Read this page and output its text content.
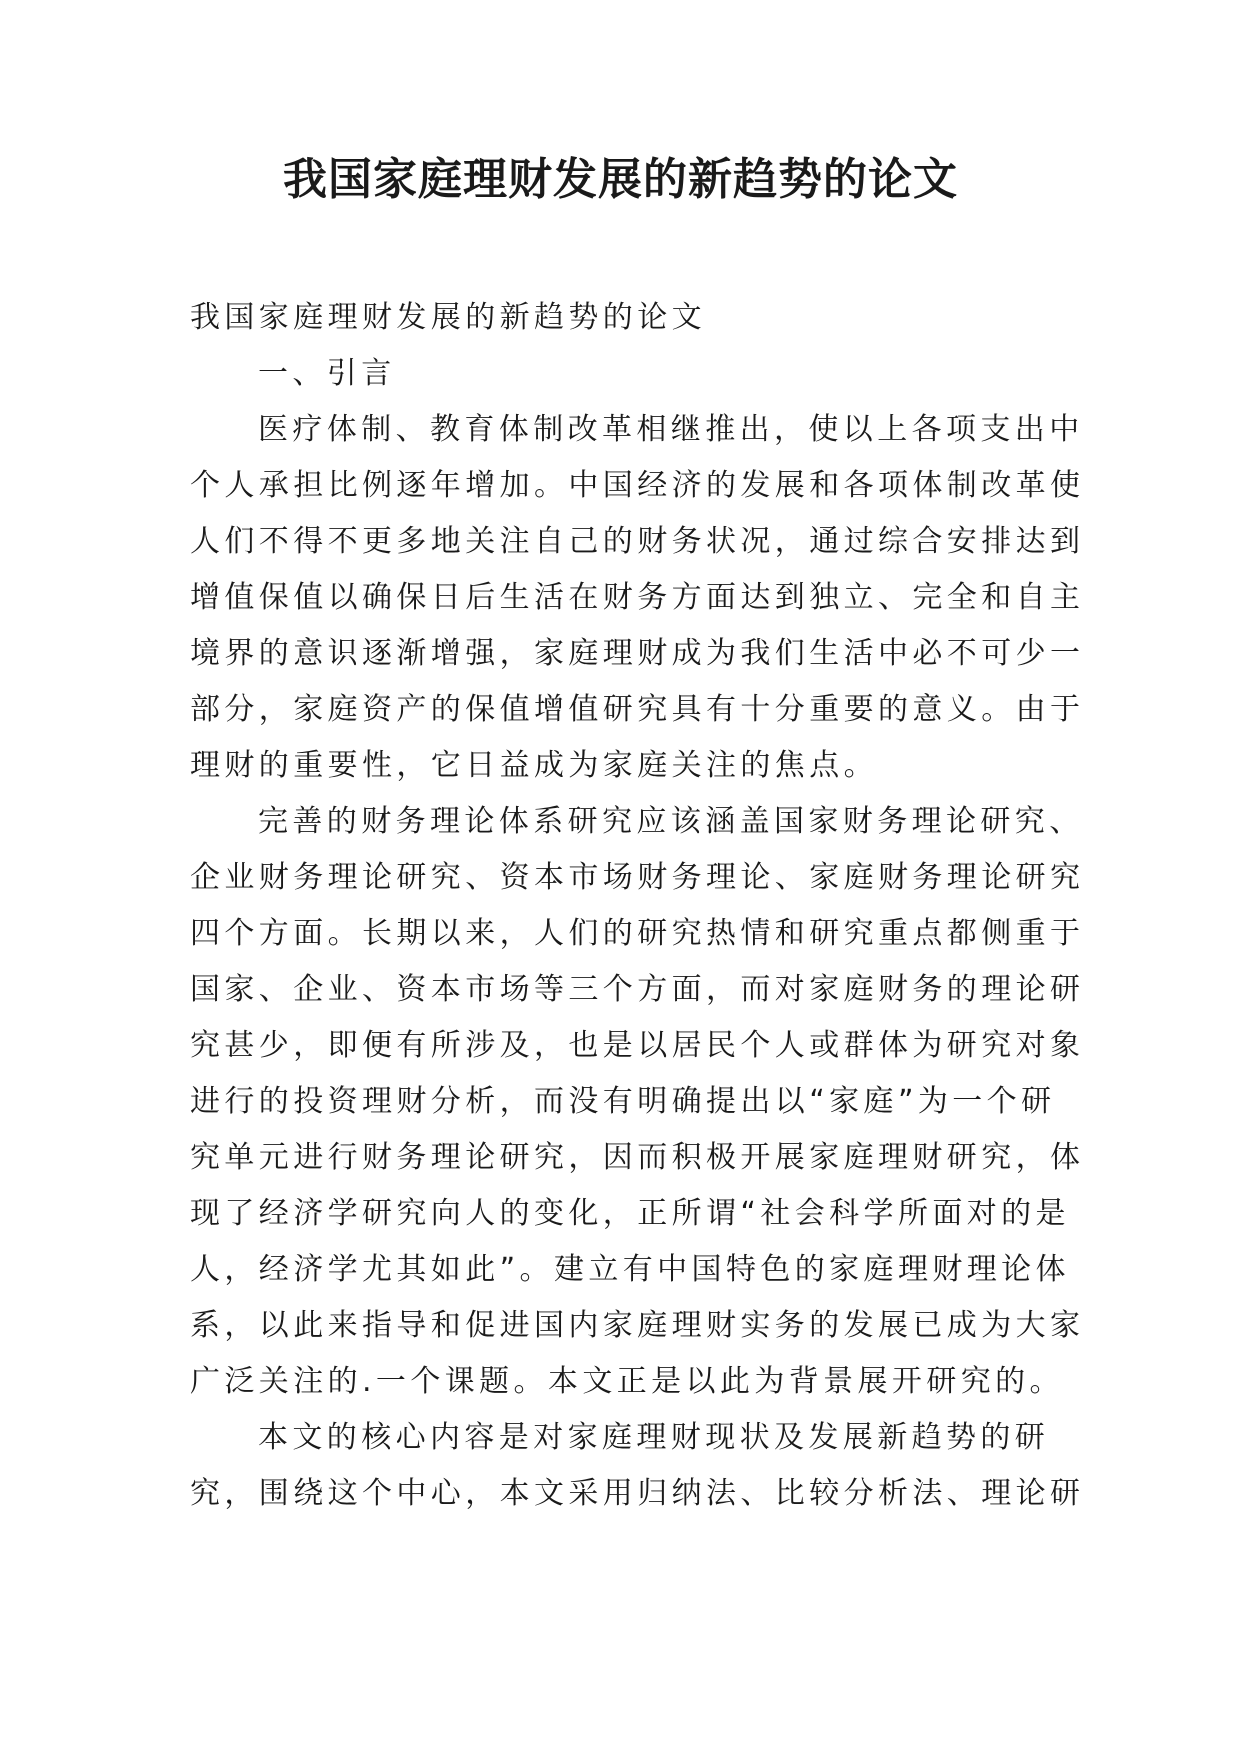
我国家庭理财发展的新趋势的论文

我国家庭理财发展的新趋势的论文

一、引言

医疗体制、教育体制改革相继推出，使以上各项支出中
个人承担比例逐年增加。中国经济的发展和各项体制改革使
人们不得不更多地关注自己的财务状况，通过综合安排达到
增值保值以确保日后生活在财务方面达到独立、完全和自主
境界的意识逐渐增强，家庭理财成为我们生活中必不可少一
部分，家庭资产的保值增值研究具有十分重要的意义。由于
理财的重要性，它日益成为家庭关注的焦点。

完善的财务理论体系研究应该涵盖国家财务理论研究、
企业财务理论研究、资本市场财务理论、家庭财务理论研究
四个方面。长期以来，人们的研究热情和研究重点都侧重于
国家、企业、资本市场等三个方面，而对家庭财务的理论研
究甚少，即便有所涉及，也是以居民个人或群体为研究对象
进行的投资理财分析，而没有明确提出以“家庭”为一个研
究单元进行财务理论研究，因而积极开展家庭理财研究，体
现了经济学研究向人的变化，正所谓“社会科学所面对的是
人，经济学尤其如此”。建立有中国特色的家庭理财理论体
系，以此来指导和促进国内家庭理财实务的发展已成为大家
广泛关注的.一个课题。本文正是以此为背景展开研究的。

本文的核心内容是对家庭理财现状及发展新趋势的研
究，围绕这个中心，本文采用归纳法、比较分析法、理论研
